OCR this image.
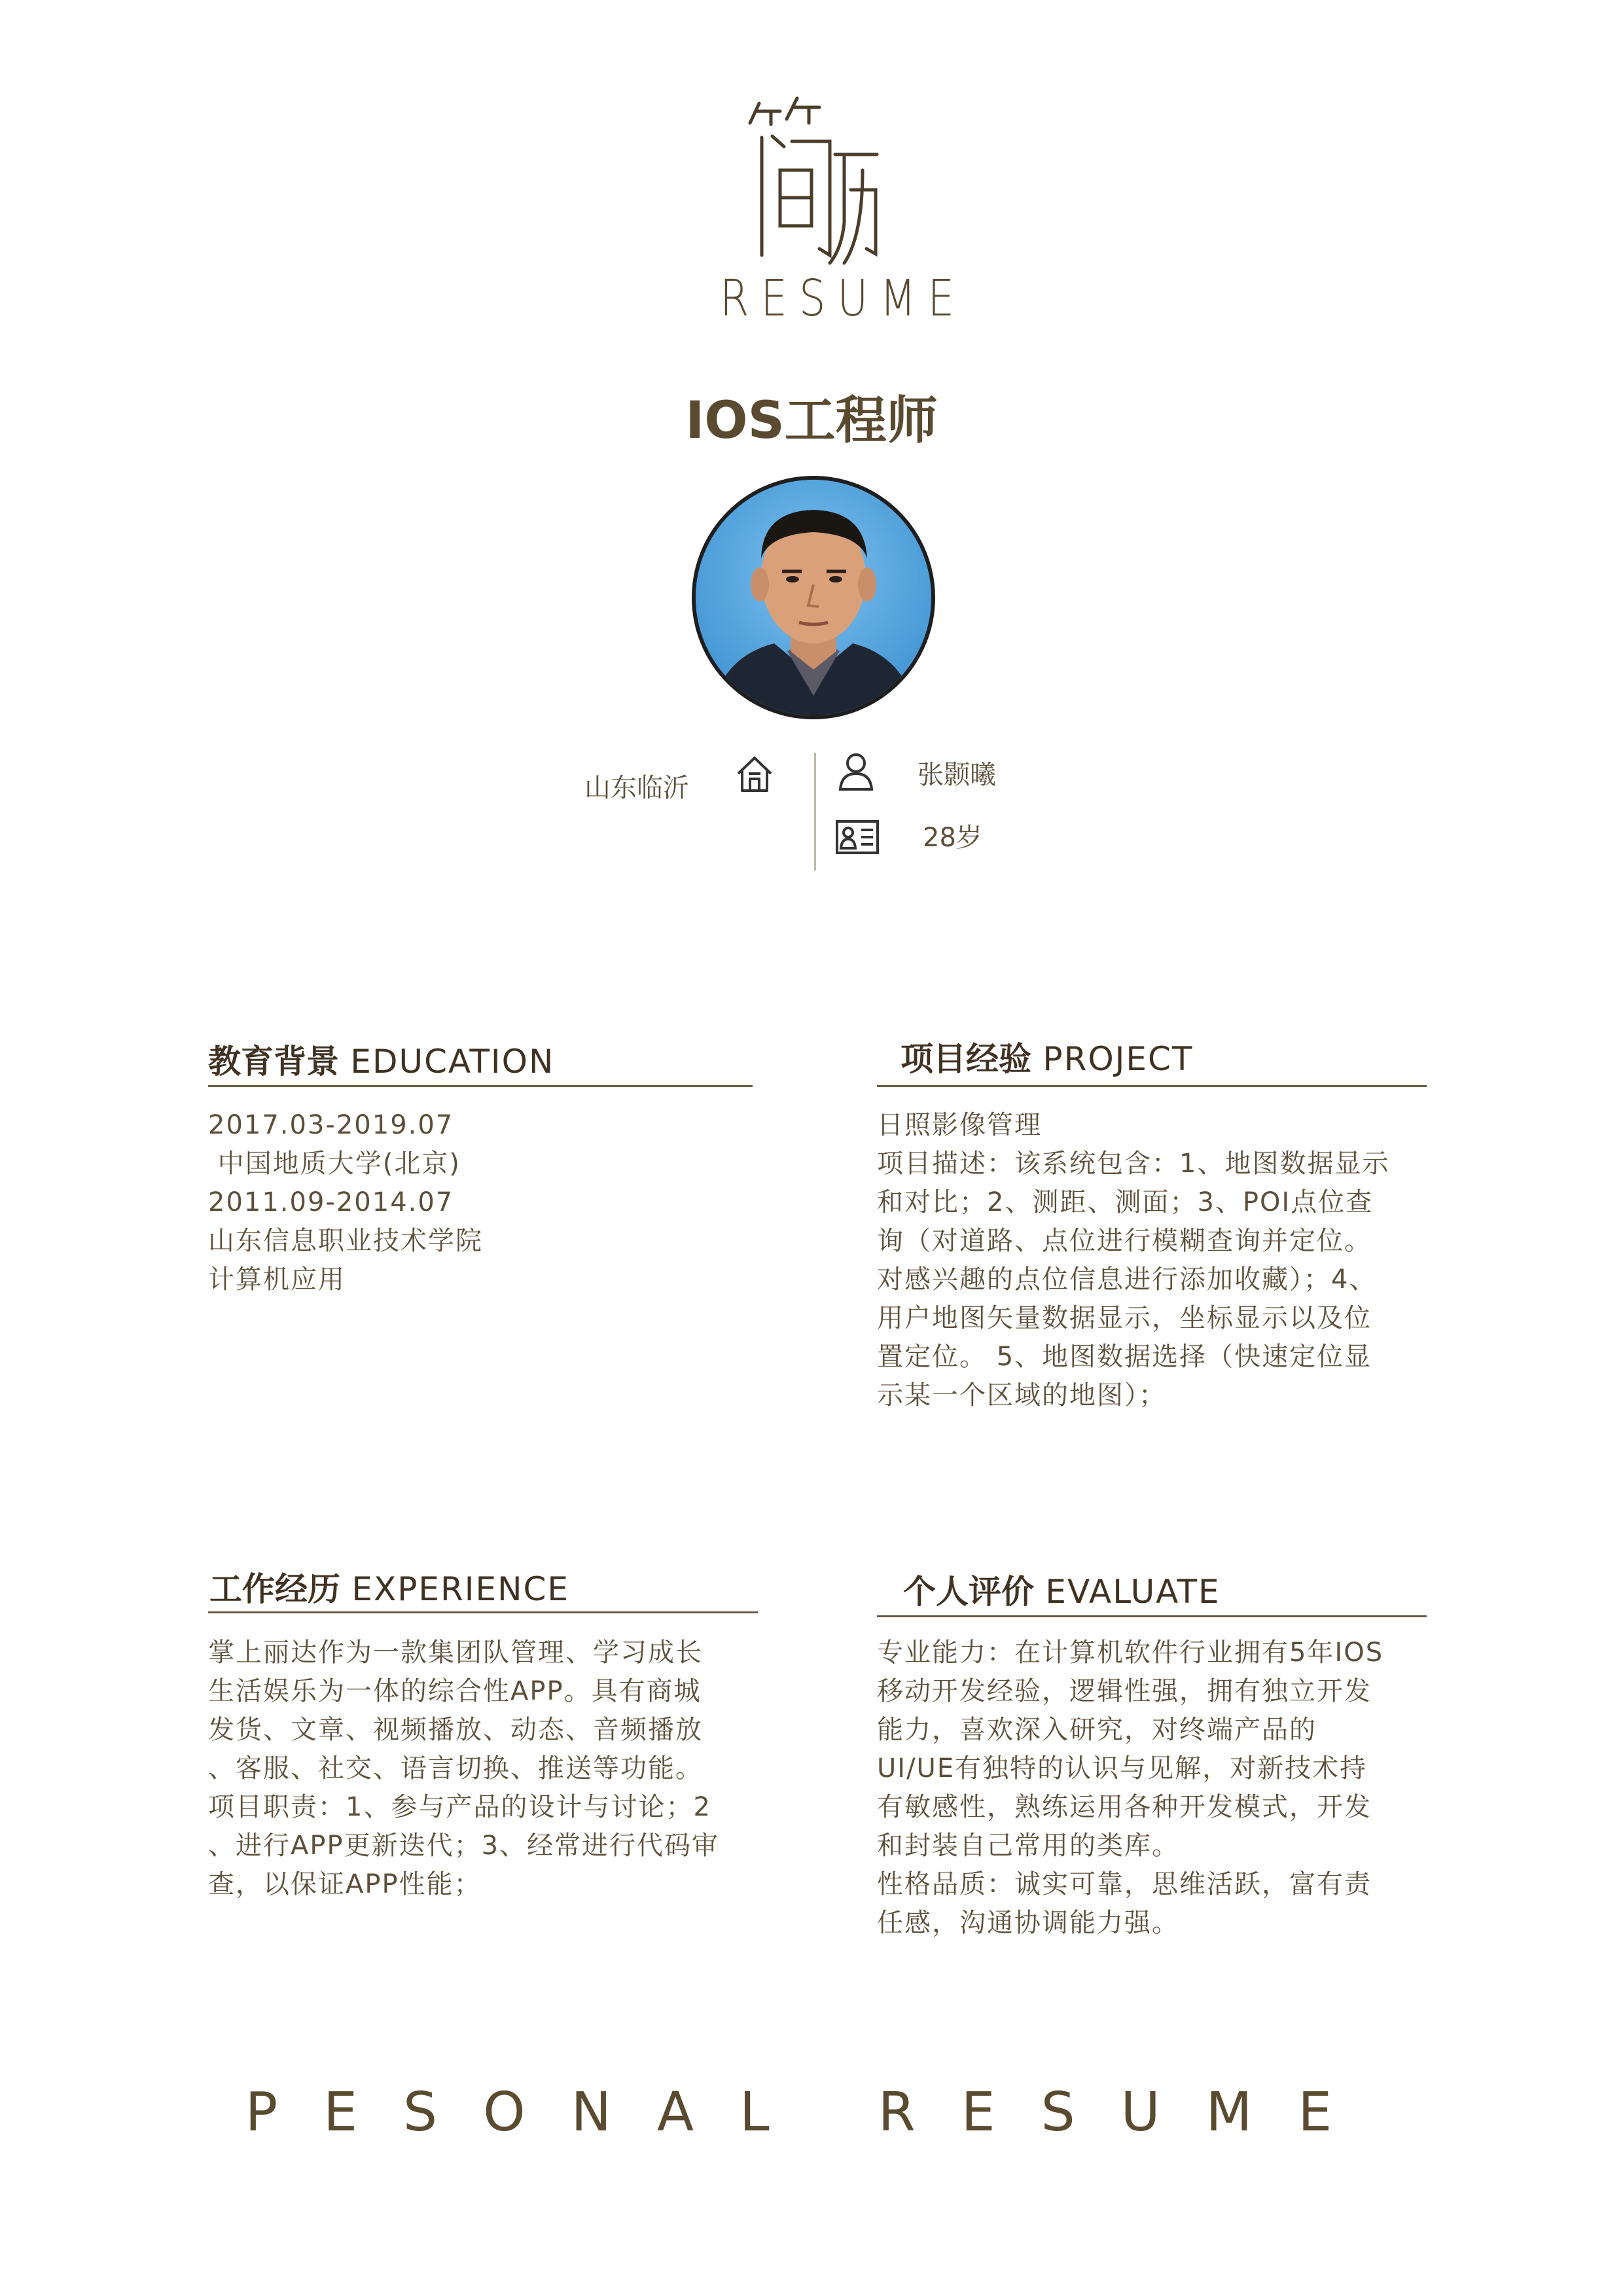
RESUME
IOS工程师
山东临沂	张颢曦
28岁
教育背景 EDUCATION
2017.03-2019.07
中国地质大学(北京)
2011.09-2014.07
山东信息职业技术学院
计算机应用
项目经验 PROJECT
日照影像管理
项目描述：该系统包含：1、地图数据显示
和对比；2、测距、测面；3、POI点位查
询（对道路、点位进行模糊查询并定位。
对感兴趣的点位信息进行添加收藏）；4、
用户地图矢量数据显示，坐标显示以及位
置定位。 5、地图数据选择（快速定位显
示某一个区域的地图）；
工作经历 EXPERIENCE
掌上丽达作为一款集团队管理、学习成长
生活娱乐为一体的综合性APP。具有商城
发货、文章、视频播放、动态、音频播放
、客服、社交、语言切换、推送等功能。
项目职责：1、参与产品的设计与讨论；2
、进行APP更新迭代；3、经常进行代码审
查，以保证APP性能；
个人评价 EVALUATE
专业能力：在计算机软件行业拥有5年IOS
移动开发经验，逻辑性强，拥有独立开发
能力，喜欢深入研究，对终端产品的
UI/UE有独特的认识与见解，对新技术持
有敏感性，熟练运用各种开发模式，开发
和封装自己常用的类库。
性格品质：诚实可靠，思维活跃，富有责
任感，沟通协调能力强。
PESONAL RESUME
